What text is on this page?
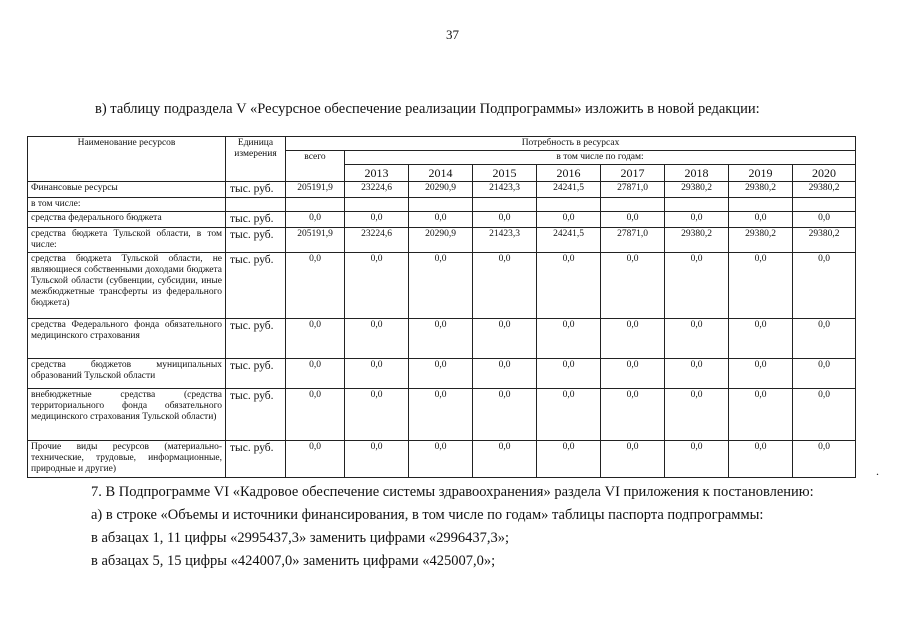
37
в) таблицу подраздела V «Ресурсное обеспечение реализации Подпрограммы» изложить в новой редакции:
Наименование ресурсов	Единица измерения	Потребность в ресурсах								
		всего	в том числе по годам:							
			2013	2014	2015	2016	2017	2018	2019	2020
Финансовые ресурсы	тыс. руб.	205191,9	23224,6	20290,9	21423,3	24241,5	27871,0	29380,2	29380,2	29380,2
в том числе:										
средства федерального бюджета	тыс. руб.	0,0	0,0	0,0	0,0	0,0	0,0	0,0	0,0	0,0
средства бюджета Тульской области, в том числе:	тыс. руб.	205191,9	23224,6	20290,9	21423,3	24241,5	27871,0	29380,2	29380,2	29380,2
средства бюджета Тульской области, не являющиеся собственными доходами бюджета Тульской области (субвенции, субсидии, иные межбюджетные трансферты из федерального бюджета)	тыс. руб.	0,0	0,0	0,0	0,0	0,0	0,0	0,0	0,0	0,0
средства Федерального фонда обязательного медицинского страхования	тыс. руб.	0,0	0,0	0,0	0,0	0,0	0,0	0,0	0,0	0,0
средства бюджетов муниципальных образований Тульской области	тыс. руб.	0,0	0,0	0,0	0,0	0,0	0,0	0,0	0,0	0,0
внебюджетные средства (средства территориального фонда обязательного медицинского страхования Тульской области)	тыс. руб.	0,0	0,0	0,0	0,0	0,0	0,0	0,0	0,0	0,0
Прочие виды ресурсов (материально-технические, трудовые, информационные, природные и другие)	тыс. руб.	0,0	0,0	0,0	0,0	0,0	0,0	0,0	0,0	0,0
.

7. В Подпрограмме VI «Кадровое обеспечение системы здравоохранения» раздела VI приложения к постановлению:

а) в строке «Объемы и источники финансирования, в том числе по годам» таблицы паспорта подпрограммы:

в абзацах 1, 11 цифры «2995437,3» заменить цифрами «2996437,3»;

в абзацах 5, 15 цифры «424007,0» заменить цифрами «425007,0»;
